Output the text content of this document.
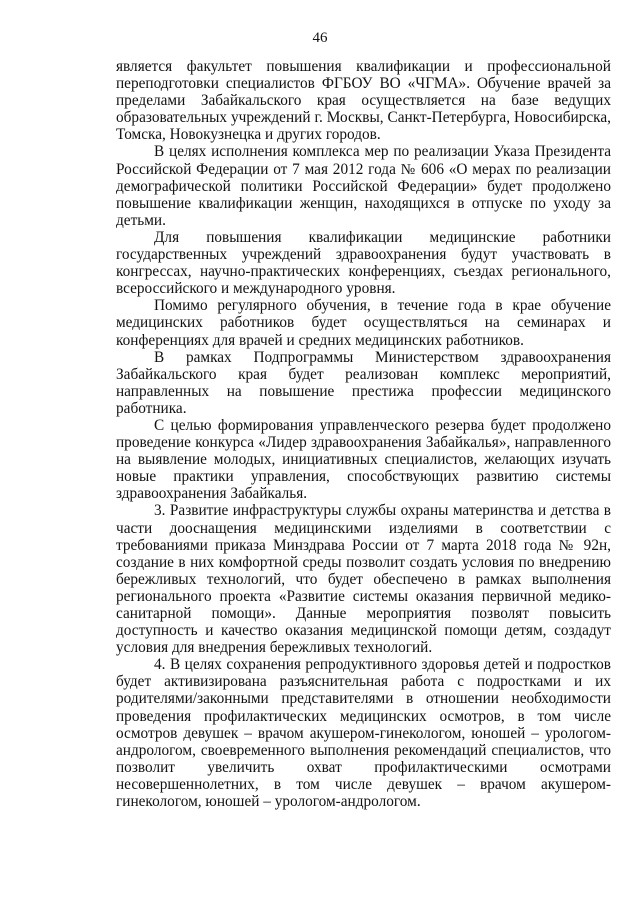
46

является факультет повышения квалификации и профессиональной переподготовки специалистов ФГБОУ ВО «ЧГМА». Обучение врачей за пределами Забайкальского края осуществляется на базе ведущих образовательных учреждений г. Москвы, Санкт-Петербурга, Новосибирска, Томска, Новокузнецка и других городов.

В целях исполнения комплекса мер по реализации Указа Президента Российской Федерации от 7 мая 2012 года № 606 «О мерах по реализации демографической политики Российской Федерации» будет продолжено повышение квалификации женщин, находящихся в отпуске по уходу за детьми.

Для повышения квалификации медицинские работники государственных учреждений здравоохранения будут участвовать в конгрессах, научно-практических конференциях, съездах регионального, всероссийского и международного уровня.

Помимо регулярного обучения, в течение года в крае обучение медицинских работников будет осуществляться на семинарах и конференциях для врачей и средних медицинских работников.

В рамках Подпрограммы Министерством здравоохранения Забайкальского края будет реализован комплекс мероприятий, направленных на повышение престижа профессии медицинского работника.

С целью формирования управленческого резерва будет продолжено проведение конкурса «Лидер здравоохранения Забайкалья», направленного на выявление молодых, инициативных специалистов, желающих изучать новые практики управления, способствующих развитию системы здравоохранения Забайкалья.

3. Развитие инфраструктуры службы охраны материнства и детства в части дооснащения медицинскими изделиями в соответствии с требованиями приказа Минздрава России от 7 марта 2018 года № 92н, создание в них комфортной среды позволит создать условия по внедрению бережливых технологий, что будет обеспечено в рамках выполнения регионального проекта «Развитие системы оказания первичной медико-санитарной помощи». Данные мероприятия позволят повысить доступность и качество оказания медицинской помощи детям, создадут условия для внедрения бережливых технологий.

4. В целях сохранения репродуктивного здоровья детей и подростков будет активизирована разъяснительная работа с подростками и их родителями/законными представителями в отношении необходимости проведения профилактических медицинских осмотров, в том числе осмотров девушек – врачом акушером-гинекологом, юношей – урологом-андрологом, своевременного выполнения рекомендаций специалистов, что позволит увеличить охват профилактическими осмотрами несовершеннолетних, в том числе девушек – врачом акушером-гинекологом, юношей – урологом-андрологом.
